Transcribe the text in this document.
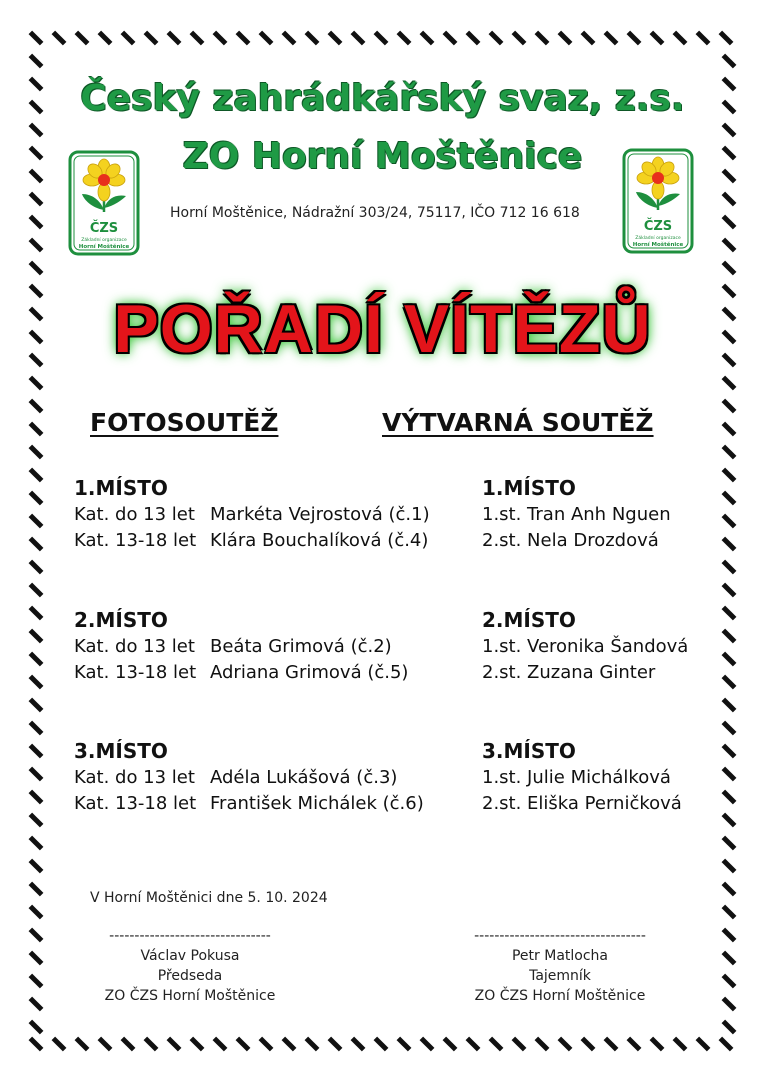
Český zahrádkářský svaz, z.s.
ZO Horní Moštěnice
ČZS
Základní organizace
Horní Moštěnice
ČZS
Základní organizace
Horní Moštěnice
Horní Moštěnice, Nádražní 303/24, 75117, IČO 712 16 618
POŘADÍ VÍTĚZŮ
FOTOSOUTĚŽ	VÝTVARNÁ SOUTĚŽ
1.MÍSTO
Kat. do 13 let Markéta Vejrostová (č.1)
Kat. 13-18 let Klára Bouchalíková (č.4)
2.MÍSTO
Kat. do 13 let Beáta Grimová (č.2)
Kat. 13-18 let Adriana Grimová (č.5)
3.MÍSTO
Kat. do 13 let Adéla Lukášová (č.3)
Kat. 13-18 let František Michálek (č.6)
1.MÍSTO
1.st. Tran Anh Nguen
2.st. Nela Drozdová
2.MÍSTO
1.st. Veronika Šandová
2.st. Zuzana Ginter
3.MÍSTO
1.st. Julie Michálková
2.st. Eliška Perničková
V Horní Moštěnici dne 5. 10. 2024
--------------------------------
Václav Pokusa
Předseda
ZO ČZS Horní Moštěnice
----------------------------------
Petr Matlocha
Tajemník
ZO ČZS Horní Moštěnice
